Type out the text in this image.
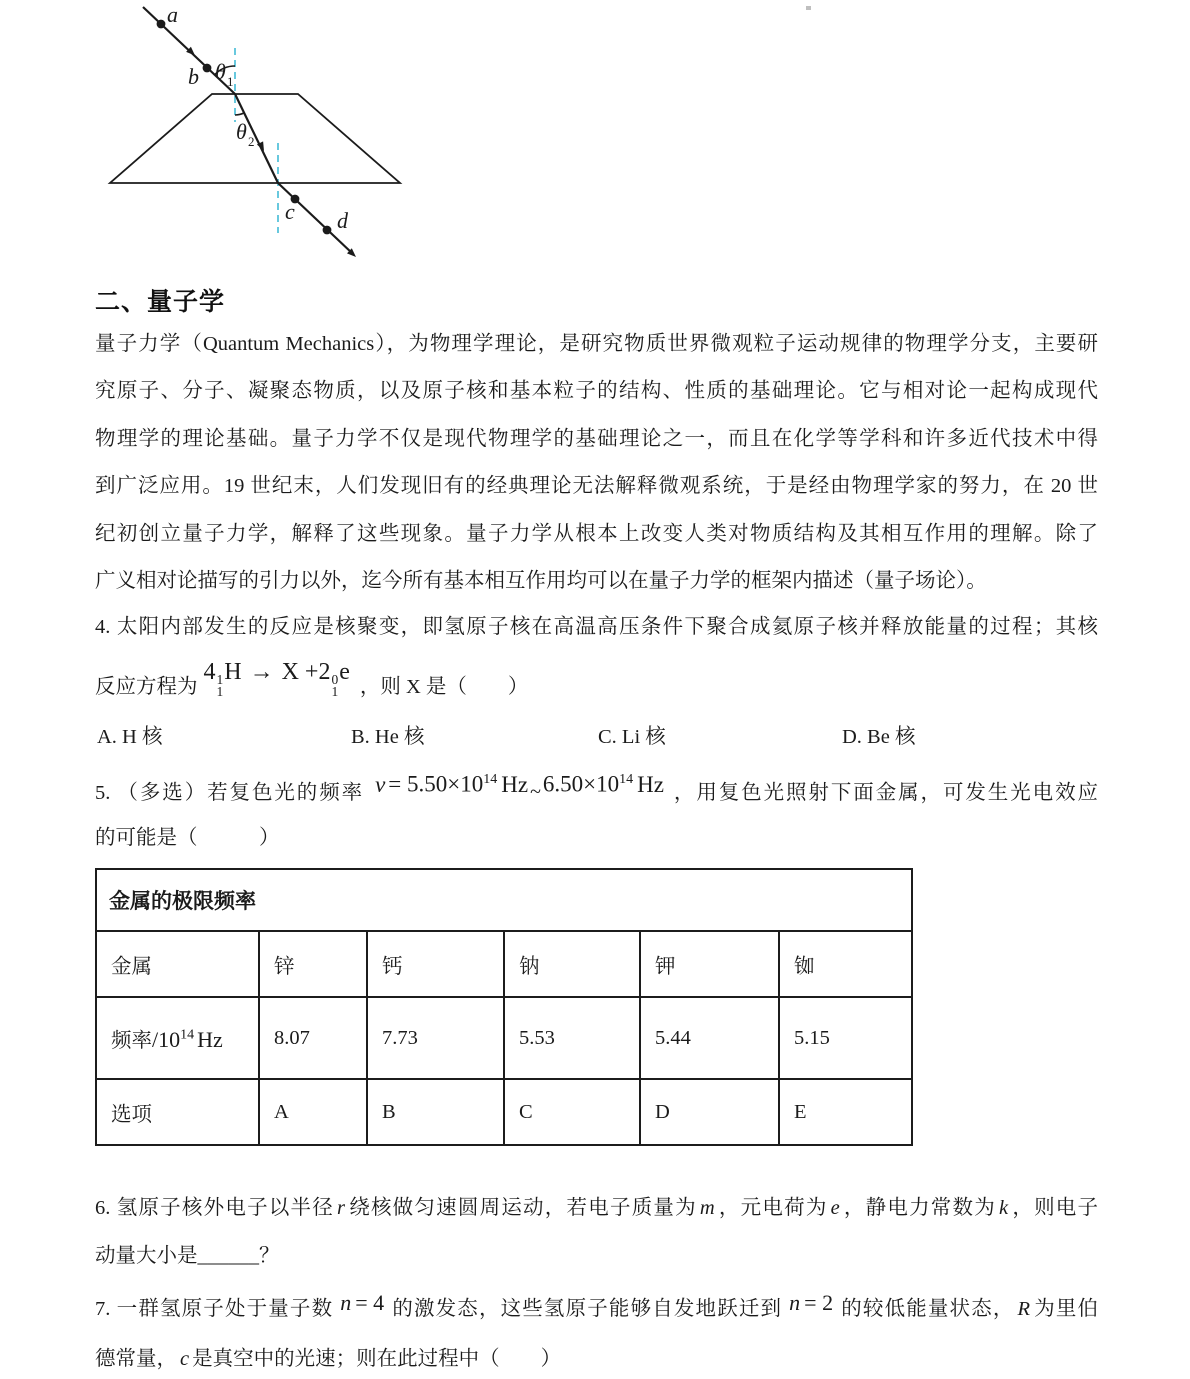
a
b
c d
θ 1
θ 2
二、量子学
量子力学（Quantum Mechanics），为物理学理论，是研究物质世界微观粒子运动规律的物理学分支，主要研
究原子、分子、凝聚态物质，以及原子核和基本粒子的结构、性质的基础理论。它与相对论一起构成现代
物理学的理论基础。量子力学不仅是现代物理学的基础理论之一，而且在化学等学科和许多近代技术中得
到广泛应用。19 世纪末，人们发现旧有的经典理论无法解释微观系统，于是经由物理学家的努力，在 20 世
纪初创立量子力学，解释了这些现象。量子力学从根本上改变人类对物质结构及其相互作用的理解。除了
广义相对论描写的引力以外，迄今所有基本相互作用均可以在量子力学的框架内描述（量子场论）。
4. 太阳内部发生的反应是核聚变，即氢原子核在高温高压条件下聚合成氦原子核并释放能量的过程；其核
反应方程为4 1
1
H → X +2 0
1
e，则 X 是（　　）
A. H 核	B. He 核	C. Li 核	D. Be 核
5. （多选）若复色光的频率 $v = 5.50\times 10^{14}$ Hz $\sim 6.50\times 10^{14}$ Hz ，用复色光照射下面金属，可发生光电效应
的可能是（　　　）
金属的极限频率					
金属	锌	钙	钠	钾	铷
频率$/10^{14}$ Hz	8.07	7.73	5.53	5.44	5.15
选项	A	B	C	D	E
6. 氢原子核外电子以半径 r 绕核做匀速圆周运动，若电子质量为 m ，元电荷为 e ，静电力常数为 k ，则电子
动量大小是______？
7. 一群氢原子处于量子数 n = 4 的激发态，这些氢原子能够自发地跃迁到 n = 2 的较低能量状态， R 为里伯
德常量， c 是真空中的光速；则在此过程中（　　）
